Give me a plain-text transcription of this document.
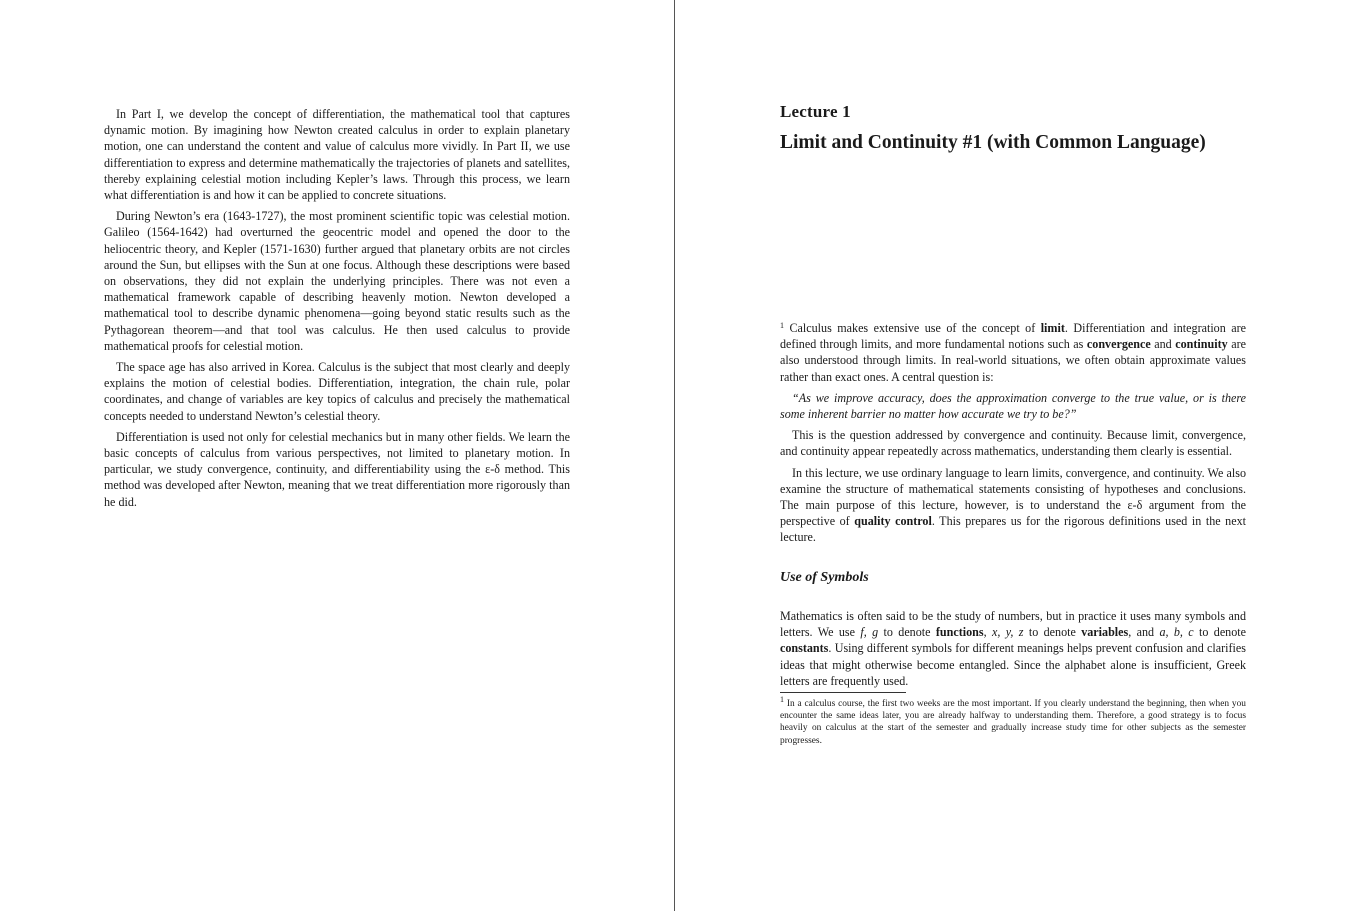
In Part I, we develop the concept of differentiation, the mathematical tool that captures dynamic motion. By imagining how Newton created calculus in order to explain planetary motion, one can understand the content and value of calculus more vividly. In Part II, we use differentiation to express and determine mathematically the trajectories of planets and satellites, thereby explaining celestial motion including Kepler’s laws. Through this process, we learn what differentiation is and how it can be applied to concrete situations.

During Newton’s era (1643-1727), the most prominent scientific topic was celestial motion. Galileo (1564-1642) had overturned the geocentric model and opened the door to the heliocentric theory, and Kepler (1571-1630) further argued that planetary orbits are not circles around the Sun, but ellipses with the Sun at one focus. Although these descriptions were based on observations, they did not explain the underlying principles. There was not even a mathematical framework capable of describing heavenly motion. Newton developed a mathematical tool to describe dynamic phenomena—going beyond static results such as the Pythagorean theorem—and that tool was calculus. He then used calculus to provide mathematical proofs for celestial motion.

The space age has also arrived in Korea. Calculus is the subject that most clearly and deeply explains the motion of celestial bodies. Differentiation, integration, the chain rule, polar coordinates, and change of variables are key topics of calculus and precisely the mathematical concepts needed to understand Newton’s celestial theory.

Differentiation is used not only for celestial mechanics but in many other fields. We learn the basic concepts of calculus from various perspectives, not limited to planetary motion. In particular, we study convergence, continuity, and differentiability using the ε-δ method. This method was developed after Newton, meaning that we treat differentiation more rigorously than he did.

Lecture 1
Limit and Continuity #1 (with Common Language)

$^1$ Calculus makes extensive use of the concept of limit. Differentiation and integration are defined through limits, and more fundamental notions such as convergence and continuity are also understood through limits. In real-world situations, we often obtain approximate values rather than exact ones. A central question is:

“As we improve accuracy, does the approximation converge to the true value, or is there some inherent barrier no matter how accurate we try to be?”

This is the question addressed by convergence and continuity. Because limit, convergence, and continuity appear repeatedly across mathematics, understanding them clearly is essential.

In this lecture, we use ordinary language to learn limits, convergence, and continuity. We also examine the structure of mathematical statements consisting of hypotheses and conclusions. The main purpose of this lecture, however, is to understand the ε-δ argument from the perspective of quality control. This prepares us for the rigorous definitions used in the next lecture.

Use of Symbols

Mathematics is often said to be the study of numbers, but in practice it uses many symbols and letters. We use f, g to denote functions, x, y, z to denote variables, and a, b, c to denote constants. Using different symbols for different meanings helps prevent confusion and clarifies ideas that might otherwise become entangled. Since the alphabet alone is insufficient, Greek letters are frequently used.

$^1$ In a calculus course, the first two weeks are the most important. If you clearly understand the beginning, then when you encounter the same ideas later, you are already halfway to understanding them. Therefore, a good strategy is to focus heavily on calculus at the start of the semester and gradually increase study time for other subjects as the semester progresses.
